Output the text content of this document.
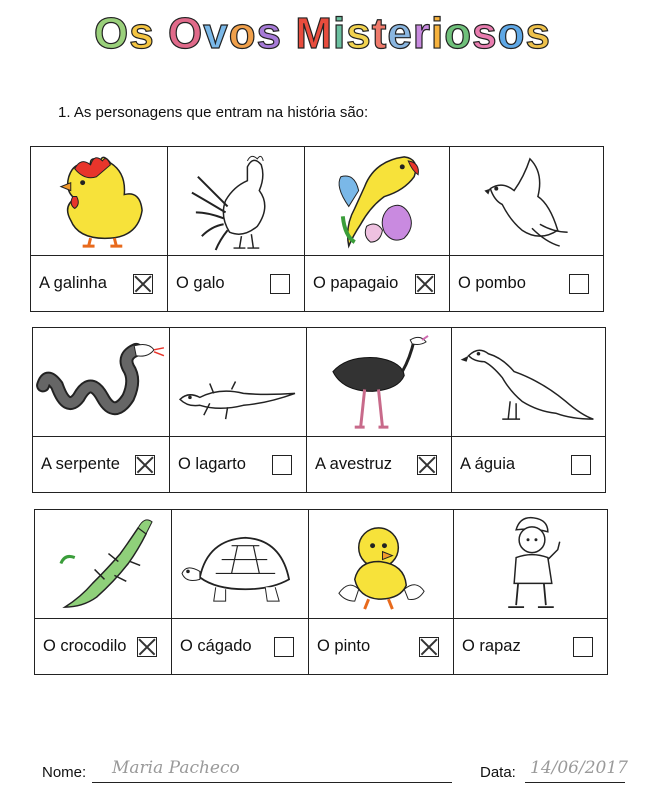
Os Ovos Misteriosos
1. As personagens que entram na história são:
A galinha	O galo	O papagaio	O pombo
A serpente	O lagarto	A avestruz	A águia
O crocodilo	O cágado	O pinto	O rapaz
Nome: Maria Pacheco	Data: 14/06/2017
